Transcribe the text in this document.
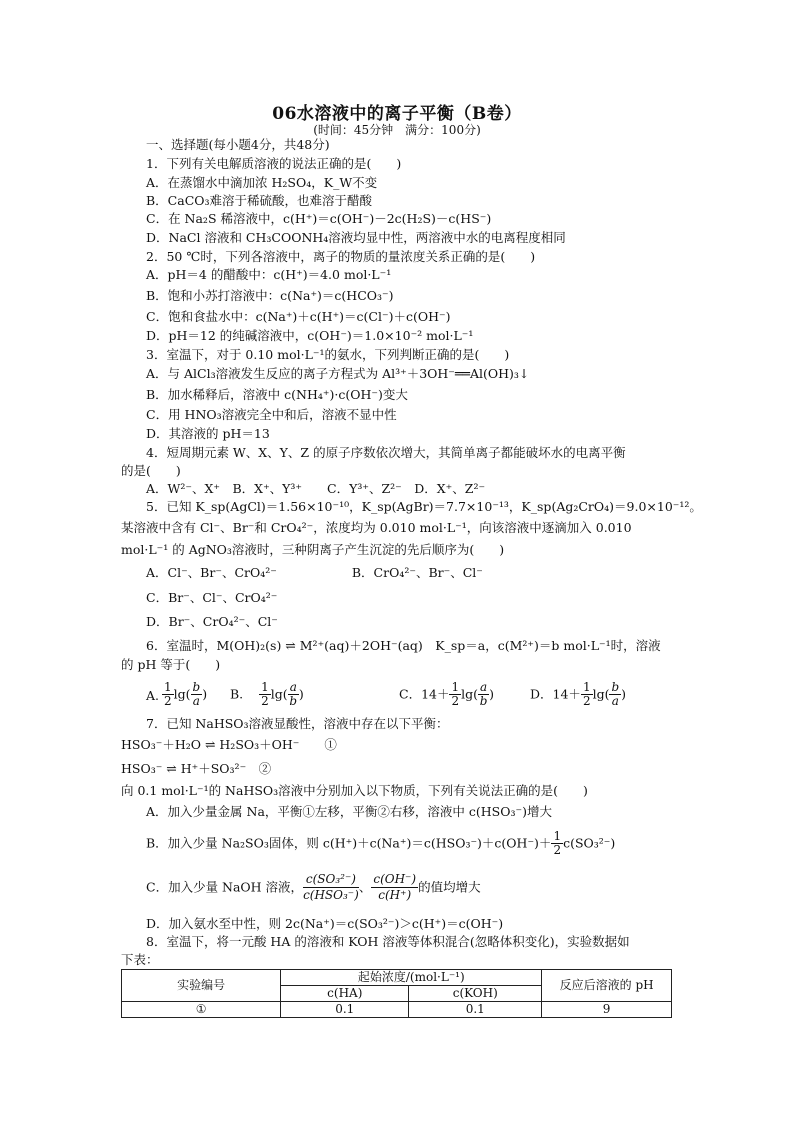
06水溶液中的离子平衡（B卷）
(时间：45分钟　满分：100分)
一、选择题(每小题4分，共48分)
1．下列有关电解质溶液的说法正确的是(　　)
A．在蒸馏水中滴加浓 H₂SO₄，K_W不变
B．CaCO₃难溶于稀硫酸，也难溶于醋酸
C．在 Na₂S 稀溶液中，c(H⁺)＝c(OH⁻)－2c(H₂S)－c(HS⁻)
D．NaCl 溶液和 CH₃COONH₄溶液均显中性，两溶液中水的电离程度相同
2．50 ℃时，下列各溶液中，离子的物质的量浓度关系正确的是(　　)
A．pH＝4 的醋酸中：c(H⁺)＝4.0 mol·L⁻¹
B．饱和小苏打溶液中：c(Na⁺)＝c(HCO₃⁻)
C．饱和食盐水中：c(Na⁺)＋c(H⁺)＝c(Cl⁻)＋c(OH⁻)
D．pH＝12 的纯碱溶液中，c(OH⁻)＝1.0×10⁻² mol·L⁻¹
3．室温下，对于 0.10 mol·L⁻¹的氨水，下列判断正确的是(　　)
A．与 AlCl₃溶液发生反应的离子方程式为 Al³⁺＋3OH⁻══Al(OH)₃↓
B．加水稀释后，溶液中 c(NH₄⁺)·c(OH⁻)变大
C．用 HNO₃溶液完全中和后，溶液不显中性
D．其溶液的 pH＝13
4．短周期元素 W、X、Y、Z 的原子序数依次增大，其简单离子都能破坏水的电离平衡
的是(　　)
A．W²⁻、X⁺　B．X⁺、Y³⁺　　C．Y³⁺、Z²⁻　D．X⁺、Z²⁻
5．已知 K_sp(AgCl)＝1.56×10⁻¹⁰，K_sp(AgBr)＝7.7×10⁻¹³，K_sp(Ag₂CrO₄)＝9.0×10⁻¹²。
某溶液中含有 Cl⁻、Br⁻和 CrO₄²⁻，浓度均为 0.010 mol·L⁻¹，向该溶液中逐滴加入 0.010
mol·L⁻¹ 的 AgNO₃溶液时，三种阴离子产生沉淀的先后顺序为(　　)
A．Cl⁻、Br⁻、CrO₄²⁻　　　　　　B．CrO₄²⁻、Br⁻、Cl⁻
C．Br⁻、Cl⁻、CrO₄²⁻
D．Br⁻、CrO₄²⁻、Cl⁻
6．室温时，M(OH)₂(s) ⇌ M²⁺(aq)＋2OH⁻(aq)　K_sp＝a，c(M²⁺)＝b mol·L⁻¹时，溶液
的 pH 等于(　　)
7．已知 NaHSO₃溶液显酸性，溶液中存在以下平衡：
HSO₃⁻＋H₂O ⇌ H₂SO₃＋OH⁻　　①
HSO₃⁻ ⇌ H⁺＋SO₃²⁻　②
向 0.1 mol·L⁻¹的 NaHSO₃溶液中分别加入以下物质，下列有关说法正确的是(　　)
A．加入少量金属 Na，平衡①左移，平衡②右移，溶液中 c(HSO₃⁻)增大
D．加入氨水至中性，则 2c(Na⁺)＝c(SO₃²⁻)＞c(H⁺)＝c(OH⁻)
8．室温下，将一元酸 HA 的溶液和 KOH 溶液等体积混合(忽略体积变化)，实验数据如
下表：
A. $\frac{1}{2} \lg( \frac{b}{a}$ ) B. $\frac{1}{2} \lg( \frac{a}{b}$ )	C．$14+ \frac{1}{2} \lg( \frac{a}{b}$ )	D．$14+ \frac{1}{2} \lg( \frac{b}{a}$ )
B．加入少量 Na₂SO₃固体，则 $c(H^+)+c(Na^+)=c(HSO_3^-)+c(OH^-)+ \frac{1}{2} c(SO_3^{2-})$
C．加入少量 NaOH 溶液，
c(SO₃²⁻)
c(HSO₃⁻)
、 $\frac{c(OH^-)}{c(H^+)}$ 的值均增大
实验编号	起始浓度/(mol·L⁻¹)		反应后溶液的 pH
	c(HA)	c(KOH)	
①	0.1	0.1	9
